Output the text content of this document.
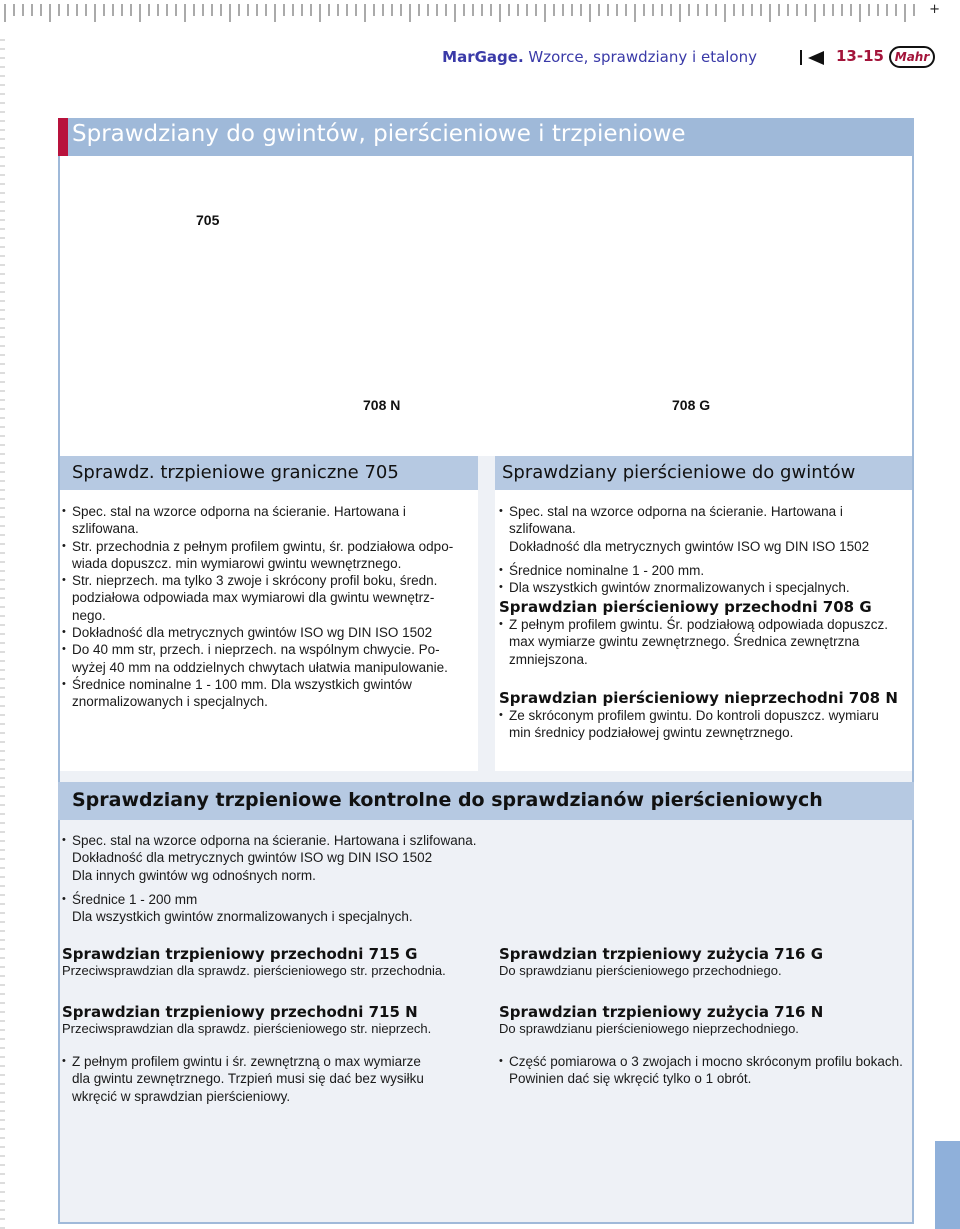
+
MarGage. Wzorce, sprawdziany i etalony	13-15 Mahr
Sprawdziany do gwintów, pierścieniowe i trzpieniowe
705
708 N	708 G
Sprawdz. trzpieniowe graniczne 705
• Spec. stal na wzorce odporna na ścieranie. Hartowana i szlifowana.
• Str. przechodnia z pełnym profilem gwintu, śr. podziałowa odpo-
wiada dopuszcz. min wymiarowi gwintu wewnętrznego.
• Str. nieprzech. ma tylko 3 zwoje i skrócony profil boku, średn.
podziałowa odpowiada max wymiarowi dla gwintu wewnętrz-
nego.
• Dokładność dla metrycznych gwintów ISO wg DIN ISO 1502
• Do 40 mm str, przech. i nieprzech. na wspólnym chwycie. Po-
wyżej 40 mm na oddzielnych chwytach ułatwia manipulowanie.
• Średnice nominalne 1 - 100 mm. Dla wszystkich gwintów
znormalizowanych i specjalnych.
Sprawdziany pierścieniowe do gwintów
• Spec. stal na wzorce odporna na ścieranie. Hartowana i szlifowana.
Dokładność dla metrycznych gwintów ISO wg DIN ISO 1502
• Średnice nominalne 1 - 200 mm.
• Dla wszystkich gwintów znormalizowanych i specjalnych.
Sprawdzian pierścieniowy przechodni 708 G
• Z pełnym profilem gwintu. Śr. podziałową odpowiada dopuszcz.
max wymiarze gwintu zewnętrznego. Średnica zewnętrzna
zmniejszona.
Sprawdzian pierścieniowy nieprzechodni 708 N
• Ze skróconym profilem gwintu. Do kontroli dopuszcz. wymiaru
min średnicy podziałowej gwintu zewnętrznego.
Sprawdziany trzpieniowe kontrolne do sprawdzianów pierścieniowych
• Spec. stal na wzorce odporna na ścieranie. Hartowana i szlifowana.
Dokładność dla metrycznych gwintów ISO wg DIN ISO 1502
Dla innych gwintów wg odnośnych norm.
• Średnice 1 - 200 mm
Dla wszystkich gwintów znormalizowanych i specjalnych.
Sprawdzian trzpieniowy przechodni 715 G
Przeciwsprawdzian dla sprawdz. pierścieniowego str. przechodnia.
Sprawdzian trzpieniowy przechodni 715 N
Przeciwsprawdzian dla sprawdz. pierścieniowego str. nieprzech.
• Z pełnym profilem gwintu i śr. zewnętrzną o max wymiarze
dla gwintu zewnętrznego. Trzpień musi się dać bez wysiłku
wkręcić w sprawdzian pierścieniowy.
Sprawdzian trzpieniowy zużycia 716 G
Do sprawdzianu pierścieniowego przechodniego.
Sprawdzian trzpieniowy zużycia 716 N
Do sprawdzianu pierścieniowego nieprzechodniego.
• Część pomiarowa o 3 zwojach i mocno skróconym profilu bokach.
Powinien dać się wkręcić tylko o 1 obrót.
